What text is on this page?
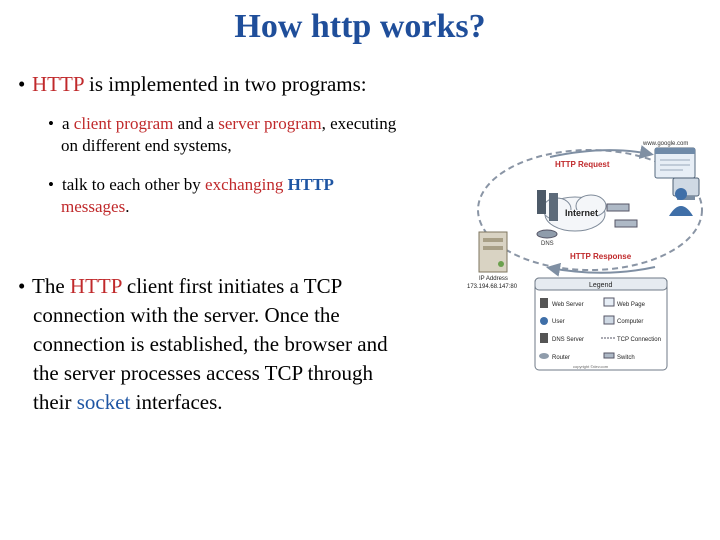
How http works?
• HTTP is implemented in two programs:
• a client program and a server program, executing
on different end systems,
• talk to each other by exchanging HTTP
messages.
• The HTTP client first initiates a TCP
connection with the server. Once the
connection is established, the browser and
the server processes access TCP through
their socket interfaces.
www.google.com
HTTP Request
HTTP Response
Internet
DNS
IP Address
173.194.68.147:80	Legend
Web Server	Web Page
User	Computer
DNS Server	TCP Connection
Router	Switch
copyright ©dev.com
